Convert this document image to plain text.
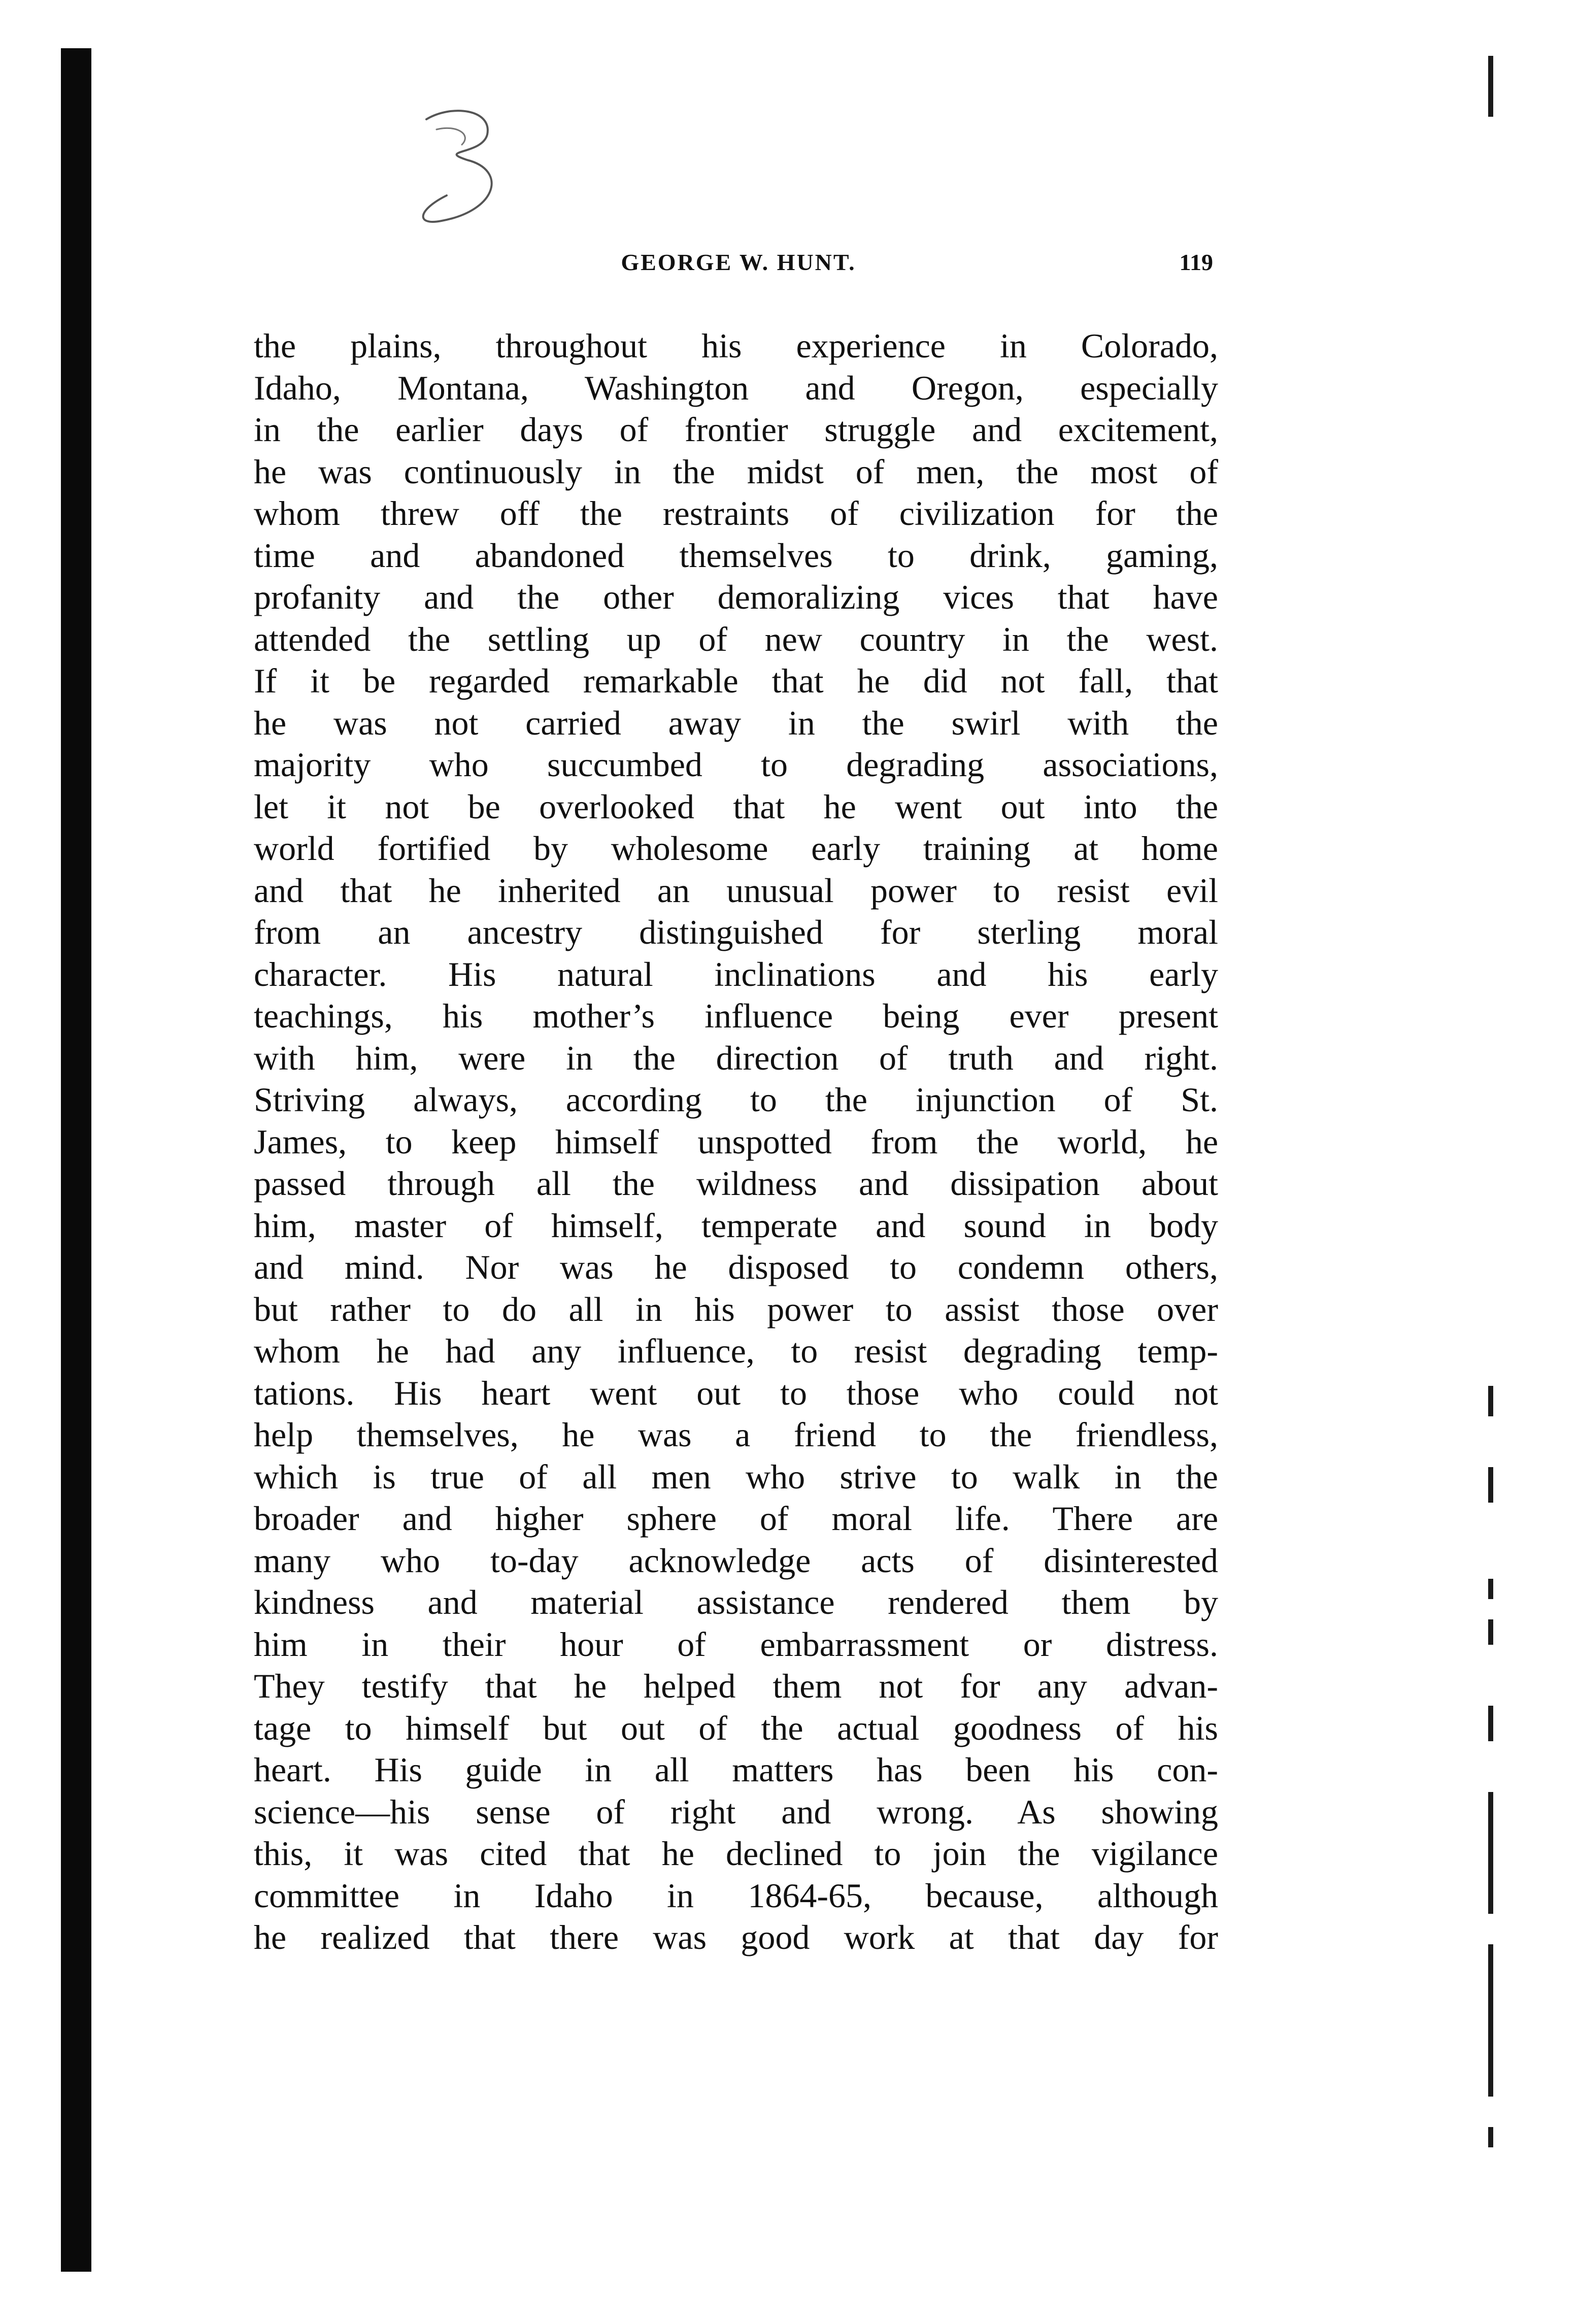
GEORGE W. HUNT.	119
the plains, throughout his experience in Colorado,
Idaho, Montana, Washington and Oregon, especially
in the earlier days of frontier struggle and excitement,
he was continuously in the midst of men, the most of
whom threw off the restraints of civilization for the
time and abandoned themselves to drink, gaming,
profanity and the other demoralizing vices that have
attended the settling up of new country in the west.
If it be regarded remarkable that he did not fall, that
he was not carried away in the swirl with the
majority who succumbed to degrading associations,
let it not be overlooked that he went out into the
world fortified by wholesome early training at home
and that he inherited an unusual power to resist evil
from an ancestry distinguished for sterling moral
character. His natural inclinations and his early
teachings, his mother’s influence being ever present
with him, were in the direction of truth and right.
Striving always, according to the injunction of St.
James, to keep himself unspotted from the world, he
passed through all the wildness and dissipation about
him, master of himself, temperate and sound in body
and mind. Nor was he disposed to condemn others,
but rather to do all in his power to assist those over
whom he had any influence, to resist degrading temp-
tations. His heart went out to those who could not
help themselves, he was a friend to the friendless,
which is true of all men who strive to walk in the
broader and higher sphere of moral life. There are
many who to-day acknowledge acts of disinterested
kindness and material assistance rendered them by
him in their hour of embarrassment or distress.
They testify that he helped them not for any advan-
tage to himself but out of the actual goodness of his
heart. His guide in all matters has been his con-
science—his sense of right and wrong. As showing
this, it was cited that he declined to join the vigilance
committee in Idaho in 1864-65, because, although
he realized that there was good work at that day for
